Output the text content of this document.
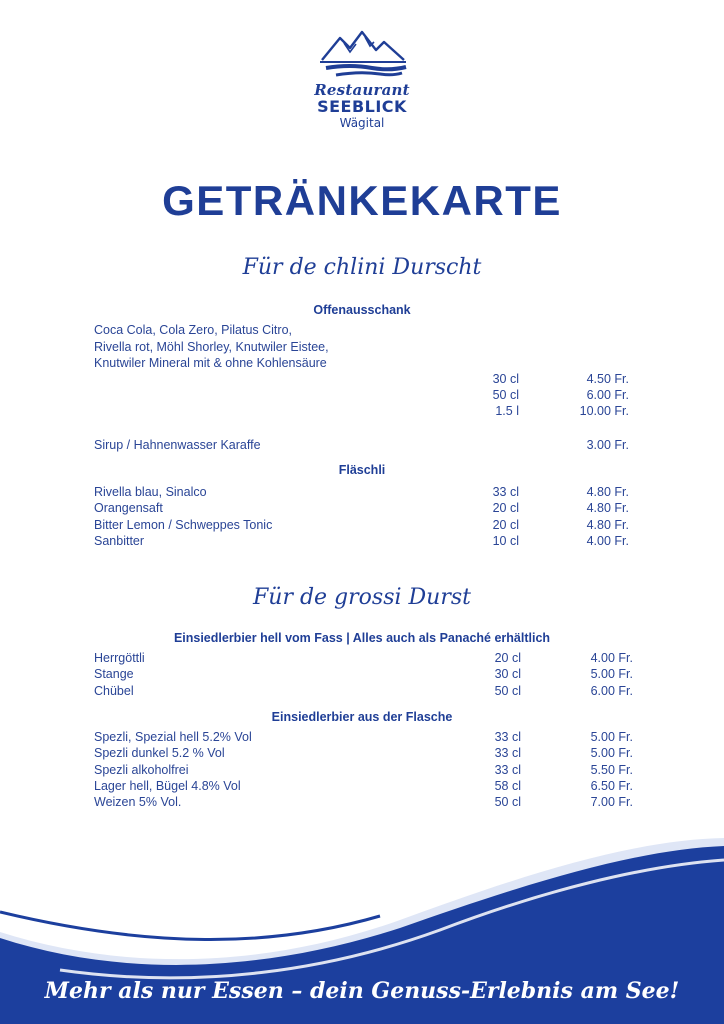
Restaurant
SEEBLICK
Wägital
GETRÄNKEKARTE
Für de chlini Durscht
Offenausschank
Coca Cola, Cola Zero, Pilatus Citro,
Rivella rot, Möhl Shorley, Knutwiler Eistee,
Knutwiler Mineral mit & ohne Kohlensäure
30 cl	4.50 Fr.
50 cl	6.00 Fr.
1.5 l	10.00 Fr.
Sirup / Hahnenwasser Karaffe	3.00 Fr.
Fläschli
Rivella blau, Sinalco	33 cl	4.80 Fr.
Orangensaft	20 cl	4.80 Fr.
Bitter Lemon / Schweppes Tonic	20 cl	4.80 Fr.
Sanbitter	10 cl	4.00 Fr.
Für de grossi Durst
Einsiedlerbier hell vom Fass | Alles auch als Panaché erhältlich
Herrgöttli	20 cl	4.00 Fr.
Stange	30 cl	5.00 Fr.
Chübel	50 cl	6.00 Fr.
Einsiedlerbier aus der Flasche
Spezli, Spezial hell 5.2% Vol	33 cl	5.00 Fr.
Spezli dunkel 5.2 % Vol	33 cl	5.00 Fr.
Spezli alkoholfrei	33 cl	5.50 Fr.
Lager hell, Bügel 4.8% Vol	58 cl	6.50 Fr.
Weizen 5% Vol.	50 cl	7.00 Fr.
Mehr als nur Essen – dein Genuss-Erlebnis am See!
